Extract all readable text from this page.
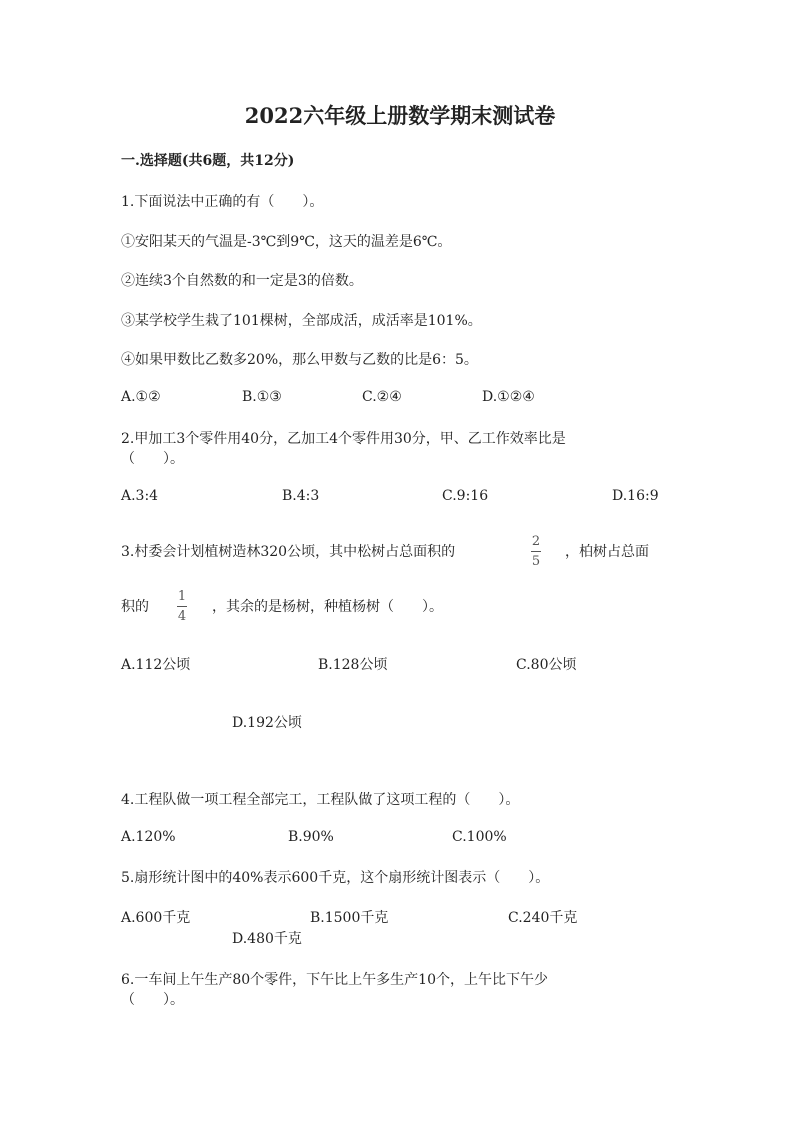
2022六年级上册数学期末测试卷
一.选择题(共6题，共12分)
1.下面说法中正确的有（　　）。
①安阳某天的气温是-3℃到9℃，这天的温差是6℃。
②连续3个自然数的和一定是3的倍数。
③某学校学生栽了101棵树，全部成活，成活率是101%。
④如果甲数比乙数多20%，那么甲数与乙数的比是6：5。
A.①②	B.①③	C.②④	D.①②④
2.甲加工3个零件用40分，乙加工4个零件用30分，甲、乙工作效率比是
（　　）。
A.3:4	B.4:3	C.9:16	D.16:9
3.村委会计划植树造林320公顷，其中松树占总面积的
2
5
，柏树占总面
积的
1
4
，其余的是杨树，种植杨树（　　）。
A.112公顷	B.128公顷	C.80公顷
D.192公顷
4.工程队做一项工程全部完工，工程队做了这项工程的（　　）。
A.120%	B.90%	C.100%
5.扇形统计图中的40%表示600千克，这个扇形统计图表示（　　）。
A.600千克	B.1500千克	C.240千克
D.480千克
6.一车间上午生产80个零件，下午比上午多生产10个，上午比下午少
（　　）。
